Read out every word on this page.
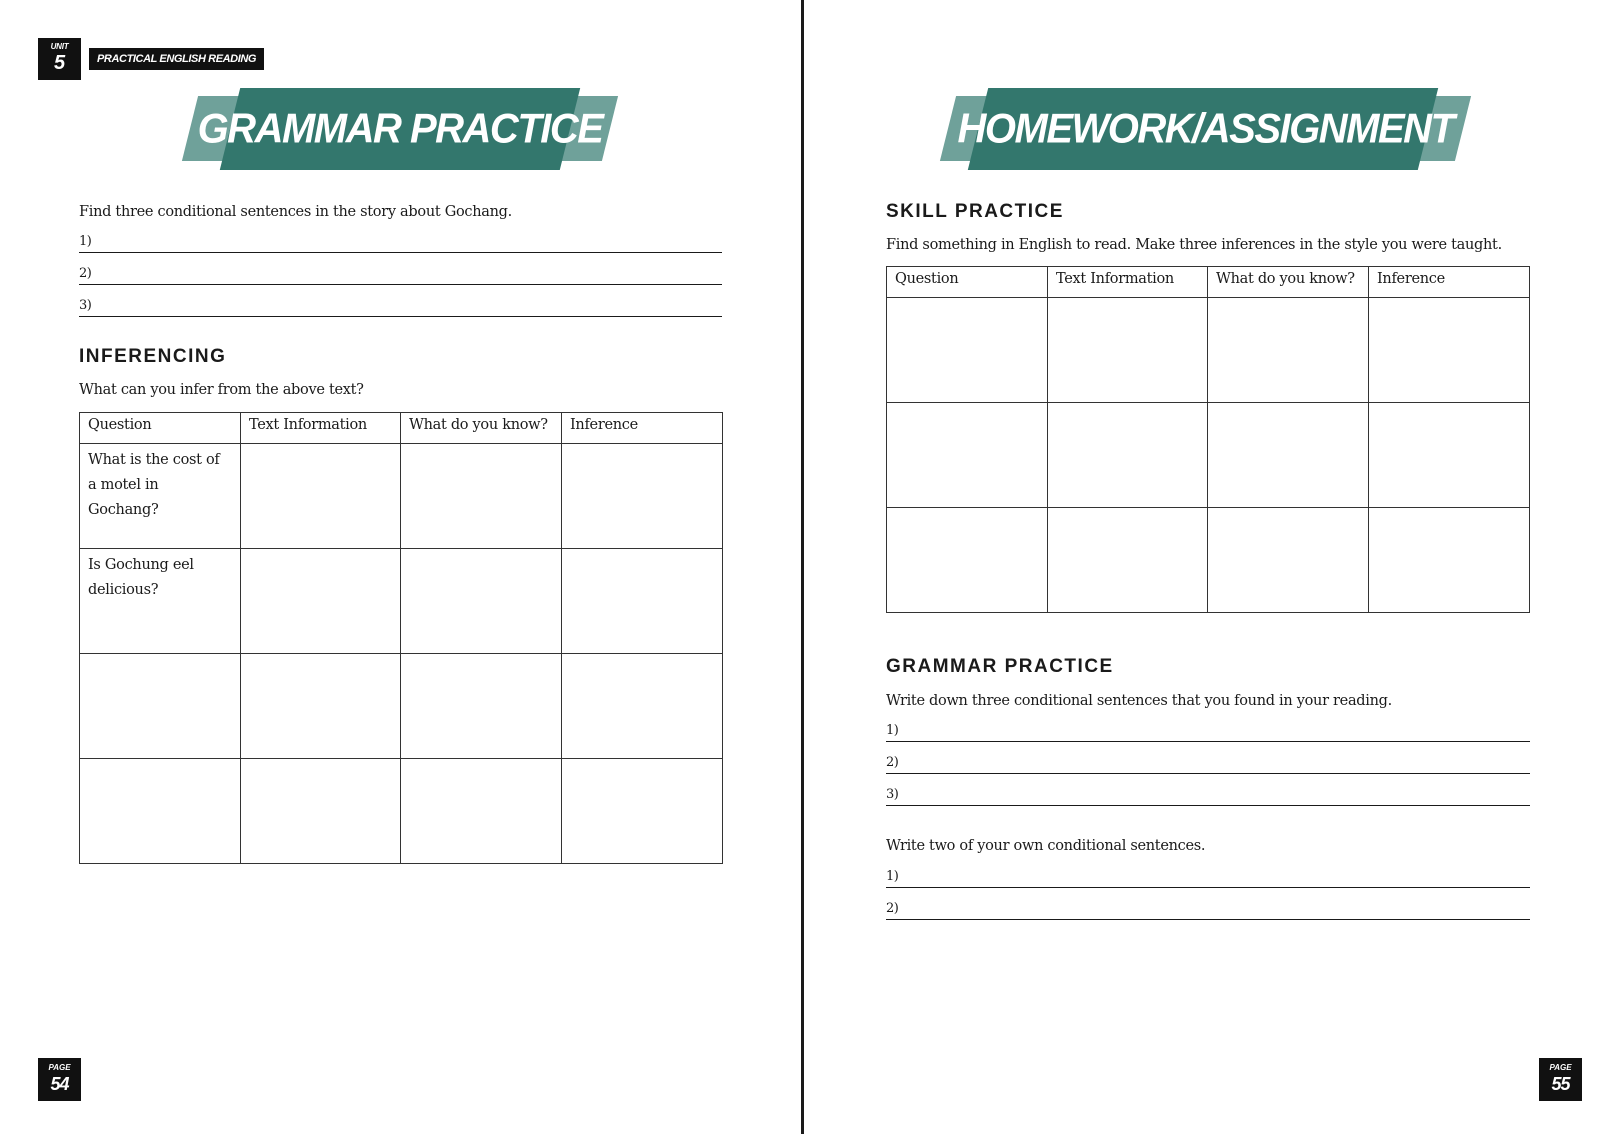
UNIT
5	PRACTICAL ENGLISH READING
GRAMMAR PRACTICE
Find three conditional sentences in the story about Gochang.
1)
2)
3)
INFERENCING
What can you infer from the above text?
Question	Text Information	What do you know?	Inference
What is the cost of a motel in Gochang?			
Is Gochung eel delicious?			

PAGE
54
HOMEWORK/ASSIGNMENT
SKILL PRACTICE
Find something in English to read. Make three inferences in the style you were taught.
Question	Text Information	What do you know?	Inference

GRAMMAR PRACTICE
Write down three conditional sentences that you found in your reading.
1)
2)
3)
Write two of your own conditional sentences.
1)
2)
PAGE
55
